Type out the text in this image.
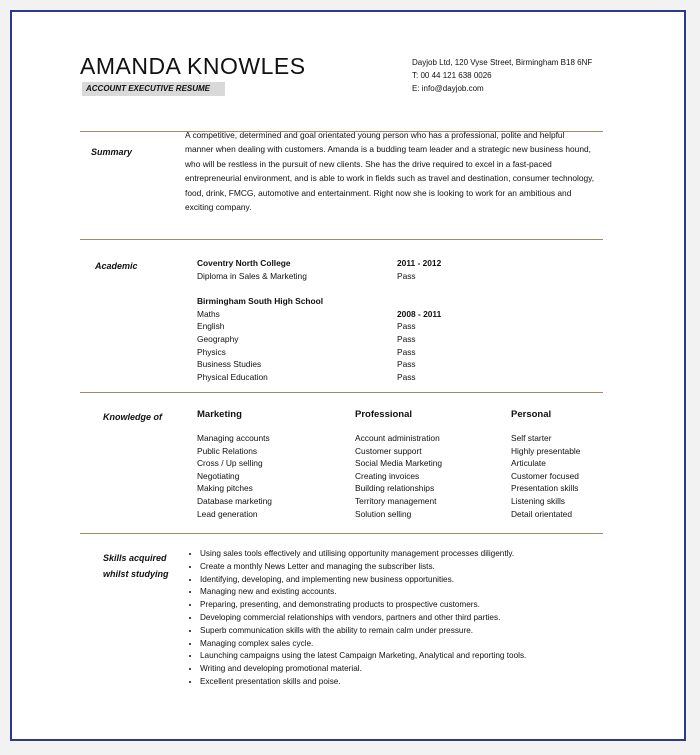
AMANDA KNOWLES
ACCOUNT EXECUTIVE RESUME
Dayjob Ltd, 120 Vyse Street, Birmingham B18 6NF
T: 00 44 121 638 0026
E: info@dayjob.com
Summary
A competitive, determined and goal orientated young person who has a professional, polite and helpful manner when dealing with customers. Amanda is a budding team leader and a strategic new business hound, who will be restless in the pursuit of new clients. She has the drive required to excel in a fast-paced entrepreneurial environment, and is able to work in fields such as travel and destination, consumer technology, food, drink, FMCG, automotive and entertainment. Right now she is looking to work for an ambitious and exciting company.
Academic	Coventry North College
Diploma in Sales & Marketing
Birmingham South High School
Maths
English
Geography
Physics
Business Studies
Physical Education
2011 - 2012
Pass
2008 - 2011
Pass
Pass
Pass
Pass
Pass
Knowledge of	Marketing
Managing accounts
Public Relations
Cross / Up selling
Negotiating
Making pitches
Database marketing
Lead generation
Professional
Account administration
Customer support
Social Media Marketing
Creating invoices
Building relationships
Territory management
Solution selling
Personal
Self starter
Highly presentable
Articulate
Customer focused
Presentation skills
Listening skills
Detail orientated
Skills acquired
whilst studying
• Using sales tools effectively and utilising opportunity management processes diligently.
• Create a monthly News Letter and managing the subscriber lists.
• Identifying, developing, and implementing new business opportunities.
• Managing new and existing accounts.
• Preparing, presenting, and demonstrating products to prospective customers.
• Developing commercial relationships with vendors, partners and other third parties.
• Superb communication skills with the ability to remain calm under pressure.
• Managing complex sales cycle.
• Launching campaigns using the latest Campaign Marketing, Analytical and reporting tools.
• Writing and developing promotional material.
• Excellent presentation skills and poise.
